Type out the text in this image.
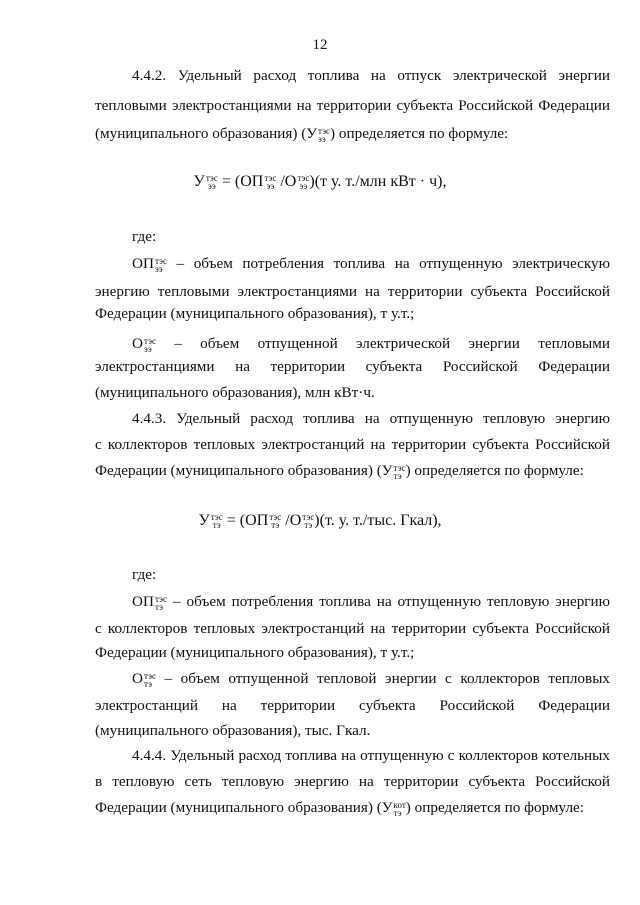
12
4.4.2. Удельный расход топлива на отпуск электрической энергии
тепловыми электростанциями на территории субъекта Российской Федерации
(муниципального образования) (У тэс
ээ ) определяется по формуле:
У тэс
ээ = (ОП тэс
ээ /О тэс
ээ )(т у. т./млн кВт · ч),
где:
ОП тэс
ээ – объем потребления топлива на отпущенную электрическую
энергию тепловыми электростанциями на территории субъекта Российской
Федерации (муниципального образования), т у.т.;
О тэс
ээ – объем отпущенной электрической энергии тепловыми
электростанциями на территории субъекта Российской Федерации
(муниципального образования), млн кВт·ч.
4.4.3. Удельный расход топлива на отпущенную тепловую энергию
с коллекторов тепловых электростанций на территории субъекта Российской
Федерации (муниципального образования) (У тэс
тэ ) определяется по формуле:
У тэс
тэ = (ОП тэс
тэ /О тэс
тэ )(т. у. т./тыс. Гкал),
где:
ОП тэс
тэ – объем потребления топлива на отпущенную тепловую энергию
с коллекторов тепловых электростанций на территории субъекта Российской
Федерации (муниципального образования), т у.т.;
О тэс
тэ – объем отпущенной тепловой энергии с коллекторов тепловых
электростанций на территории субъекта Российской Федерации
(муниципального образования), тыс. Гкал.
4.4.4. Удельный расход топлива на отпущенную с коллекторов котельных
в тепловую сеть тепловую энергию на территории субъекта Российской
Федерации (муниципального образования) (У кот
тэ ) определяется по формуле:
